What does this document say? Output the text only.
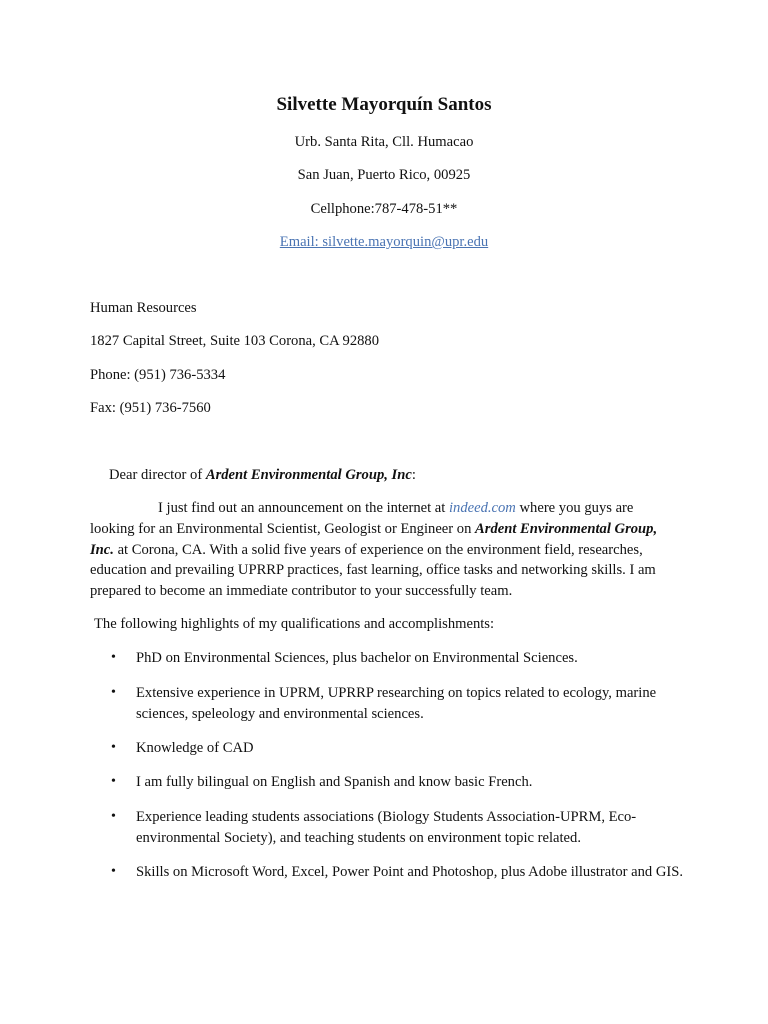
Silvette Mayorquín Santos
Urb. Santa Rita, Cll. Humacao
San Juan, Puerto Rico, 00925
Cellphone:787-478-51**
Email: silvette.mayorquin@upr.edu
Human Resources
1827 Capital Street, Suite 103 Corona, CA 92880
Phone: (951) 736-5334
Fax: (951) 736-7560
Dear director of Ardent Environmental Group, Inc:
I just find out an announcement on the internet at indeed.com where you guys are looking for an Environmental Scientist, Geologist or Engineer on Ardent Environmental Group, Inc. at Corona, CA. With a solid five years of experience on the environment field, researches, education and prevailing UPRRP practices, fast learning, office tasks and networking skills. I am prepared to become an immediate contributor to your successfully team.
The following highlights of my qualifications and accomplishments:
•	PhD on Environmental Sciences, plus bachelor on Environmental Sciences.
•	Extensive experience in UPRM, UPRRP researching on topics related to ecology, marine sciences, speleology and environmental sciences.
•	Knowledge of CAD
•	I am fully bilingual on English and Spanish and know basic French.
•	Experience leading students associations (Biology Students Association-UPRM, Eco-environmental Society), and teaching students on environment topic related.
•	Skills on Microsoft Word, Excel, Power Point and Photoshop, plus Adobe illustrator and GIS.
